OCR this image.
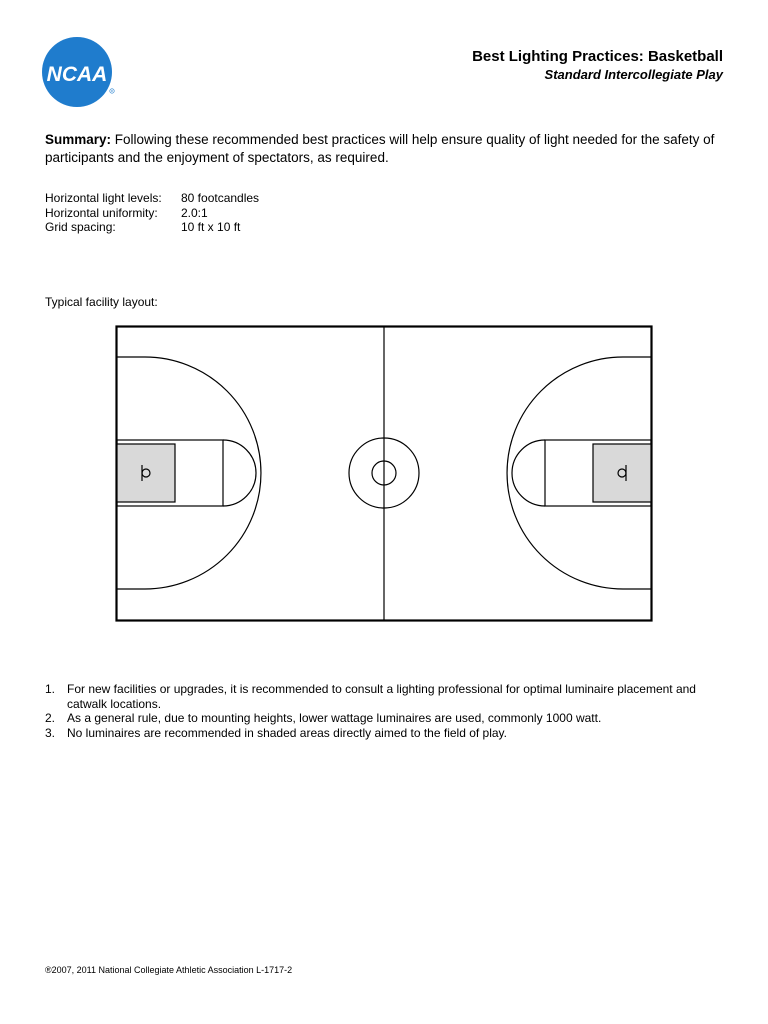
NCAA
R
Best Lighting Practices: Basketball
Standard Intercollegiate Play
Summary: Following these recommended best practices will help ensure quality of light needed for the safety of participants and the enjoyment of spectators, as required.
Horizontal light levels:	80 footcandles
Horizontal uniformity:	2.0:1
Grid spacing:	10 ft x 10 ft
Typical facility layout:
1. For new facilities or upgrades, it is recommended to consult a lighting professional for optimal luminaire placement and catwalk locations.
2. As a general rule, due to mounting heights, lower wattage luminaires are used, commonly 1000 watt.
3. No luminaires are recommended in shaded areas directly aimed to the field of play.
®2007, 2011 National Collegiate Athletic Association L-1717-2
